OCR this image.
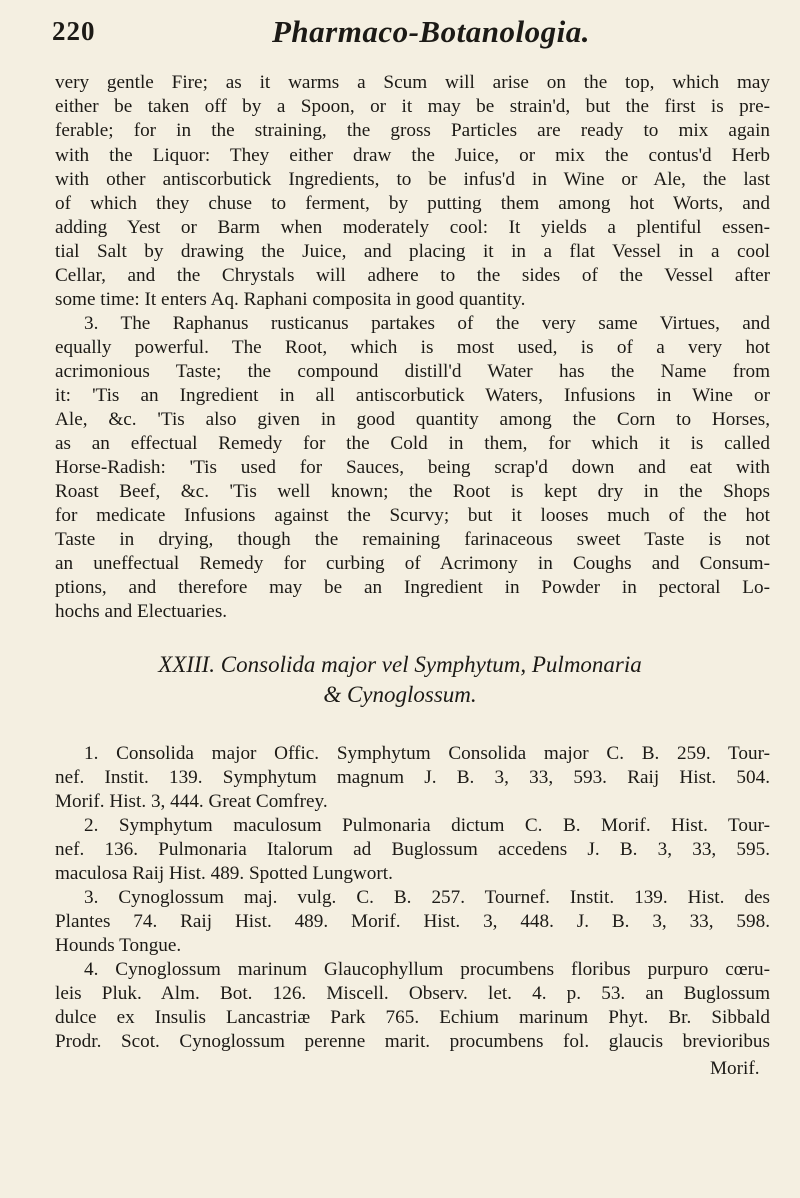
220	Pharmaco-Botanologia.
very gentle Fire; as it warms a Scum will arise on the top, which may
either be taken off by a Spoon, or it may be strain'd, but the first is pre-
ferable; for in the straining, the gross Particles are ready to mix again
with the Liquor: They either draw the Juice, or mix the contus'd Herb
with other antiscorbutick Ingredients, to be infus'd in Wine or Ale, the last
of which they chuse to ferment, by putting them among hot Worts, and
adding Yest or Barm when moderately cool: It yields a plentiful essen-
tial Salt by drawing the Juice, and placing it in a flat Vessel in a cool
Cellar, and the Chrystals will adhere to the sides of the Vessel after
some time: It enters Aq. Raphani composita in good quantity.
3. The Raphanus rusticanus partakes of the very same Virtues, and
equally powerful. The Root, which is most used, is of a very hot
acrimonious Taste; the compound distill'd Water has the Name from
it: 'Tis an Ingredient in all antiscorbutick Waters, Infusions in Wine or
Ale, &c. 'Tis also given in good quantity among the Corn to Horses,
as an effectual Remedy for the Cold in them, for which it is called
Horse-Radish: 'Tis used for Sauces, being scrap'd down and eat with
Roast Beef, &c. 'Tis well known; the Root is kept dry in the Shops
for medicate Infusions against the Scurvy; but it looses much of the hot
Taste in drying, though the remaining farinaceous sweet Taste is not
an uneffectual Remedy for curbing of Acrimony in Coughs and Consum-
ptions, and therefore may be an Ingredient in Powder in pectoral Lo-
hochs and Electuaries.
XXIII. Consolida major vel Symphytum, Pulmonaria
& Cynoglossum.
1. Consolida major Offic. Symphytum Consolida major C. B. 259. Tour-
nef. Instit. 139. Symphytum magnum J. B. 3, 33, 593. Raij Hist. 504.
Morif. Hist. 3, 444. Great Comfrey.
2. Symphytum maculosum Pulmonaria dictum C. B. Morif. Hist. Tour-
nef. 136. Pulmonaria Italorum ad Buglossum accedens J. B. 3, 33, 595.
maculosa Raij Hist. 489. Spotted Lungwort.
3. Cynoglossum maj. vulg. C. B. 257. Tournef. Instit. 139. Hist. des
Plantes 74. Raij Hist. 489. Morif. Hist. 3, 448. J. B. 3, 33, 598.
Hounds Tongue.
4. Cynoglossum marinum Glaucophyllum procumbens floribus purpuro cœru-
leis Pluk. Alm. Bot. 126. Miscell. Observ. let. 4. p. 53. an Buglossum
dulce ex Insulis Lancastriæ Park 765. Echium marinum Phyt. Br. Sibbald
Prodr. Scot. Cynoglossum perenne marit. procumbens fol. glaucis brevioribus
Morif.
